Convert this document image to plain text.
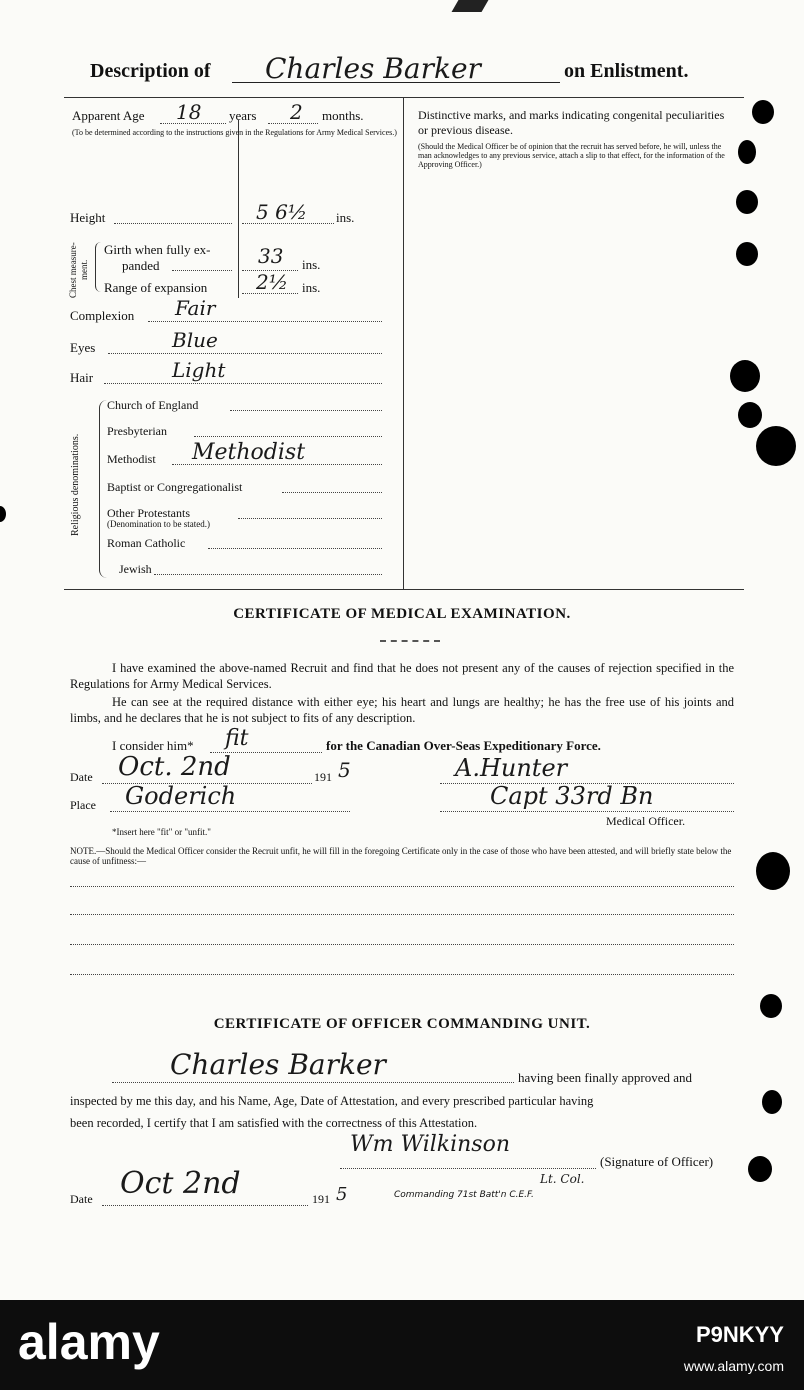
Description of Charles Barker	on Enlistment.
Apparent Age 18 years 2 months.
(To be determined according to the instructions given in the Regulations for Army Medical Services.)
Height	5 6½ ins.
Chest measure-ment.
Girth when fully ex-
panded	33 ins.
Range of expansion 2½ ins.
Complexion Fair
Eyes	Blue
Hair	Light
Religious denominations.
Church of England
Presbyterian
Methodist Methodist
Baptist or Congregationalist
Other Protestants
(Denomination to be stated.)
Roman Catholic
Jewish
Distinctive marks, and marks indicating congenital peculiarities or previous disease.
(Should the Medical Officer be of opinion that the recruit has served before, he will, unless the man acknowledges to any previous service, attach a slip to that effect, for the information of the Approving Officer.)
CERTIFICATE OF MEDICAL EXAMINATION.
I have examined the above-named Recruit and find that he does not present any of the causes of rejection specified in the Regulations for Army Medical Services.
He can see at the required distance with either eye; his heart and lungs are healthy; he has the free use of his joints and limbs, and he declares that he is not subject to fits of any description.
I consider him* fit	for the Canadian Over-Seas Expeditionary Force.
Date Oct. 2nd	191 5	A.Hunter
Place Goderich	Capt 33rd Bn
Medical Officer.
*Insert here "fit" or "unfit."
NOTE.—Should the Medical Officer consider the Recruit unfit, he will fill in the foregoing Certificate only in the case of those who have been attested, and will briefly state below the cause of unfitness:—
CERTIFICATE OF OFFICER COMMANDING UNIT.
Charles Barker	having been finally approved and
inspected by me this day, and his Name, Age, Date of Attestation, and every prescribed particular having
been recorded, I certify that I am satisfied with the correctness of this Attestation.
Wm Wilkinson
(Signature of Officer)
Lt. Col.
Date Oct 2nd	191 5	Commanding 71st Batt'n C.E.F.
alamy	P9NKYY
www.alamy.com
